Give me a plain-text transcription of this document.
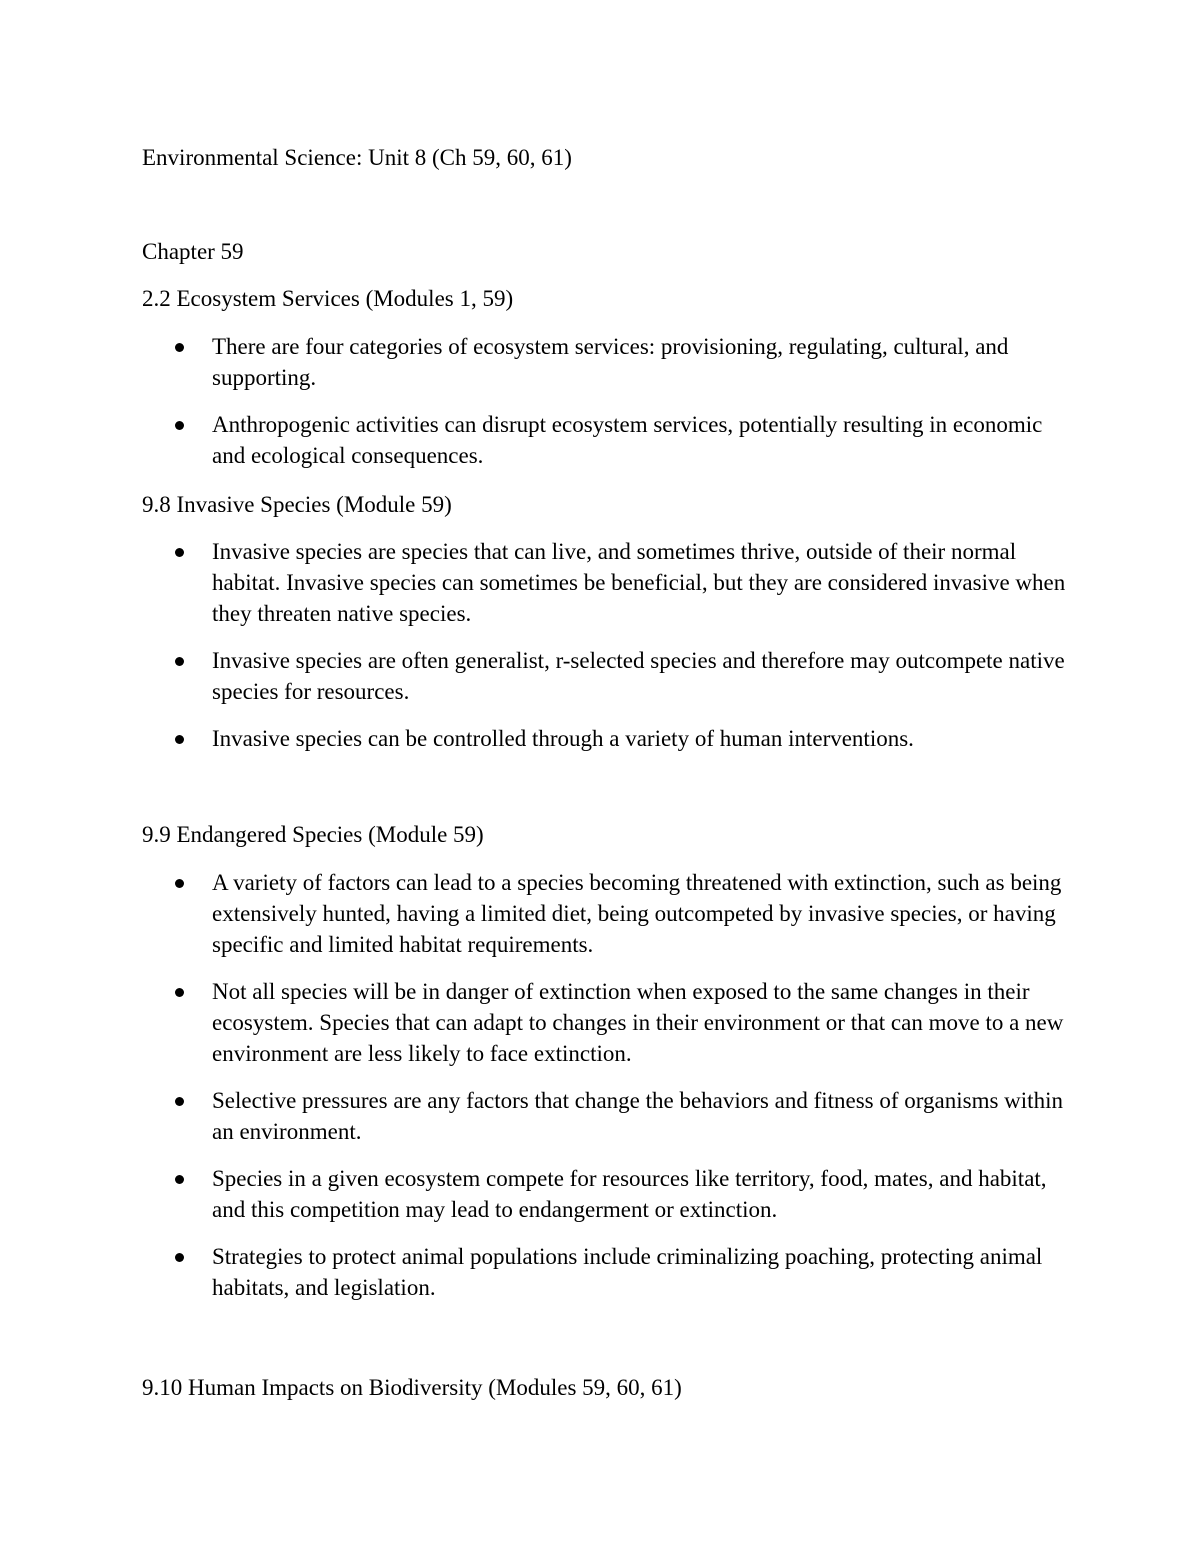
Environmental Science: Unit 8 (Ch 59, 60, 61)

Chapter 59

2.2 Ecosystem Services (Modules 1, 59)

There are four categories of ecosystem services: provisioning, regulating, cultural, and supporting.
Anthropogenic activities can disrupt ecosystem services, potentially resulting in economic and ecological consequences.

9.8 Invasive Species (Module 59)

Invasive species are species that can live, and sometimes thrive, outside of their normal habitat. Invasive species can sometimes be beneficial, but they are considered invasive when they threaten native species.
Invasive species are often generalist, r-selected species and therefore may outcompete native species for resources.
Invasive species can be controlled through a variety of human interventions.

9.9 Endangered Species (Module 59)

A variety of factors can lead to a species becoming threatened with extinction, such as being extensively hunted, having a limited diet, being outcompeted by invasive species, or having specific and limited habitat requirements.
Not all species will be in danger of extinction when exposed to the same changes in their ecosystem. Species that can adapt to changes in their environment or that can move to a new environment are less likely to face extinction.
Selective pressures are any factors that change the behaviors and fitness of organisms within an environment.
Species in a given ecosystem compete for resources like territory, food, mates, and habitat, and this competition may lead to endangerment or extinction.
Strategies to protect animal populations include criminalizing poaching, protecting animal habitats, and legislation.

9.10 Human Impacts on Biodiversity (Modules 59, 60, 61)
